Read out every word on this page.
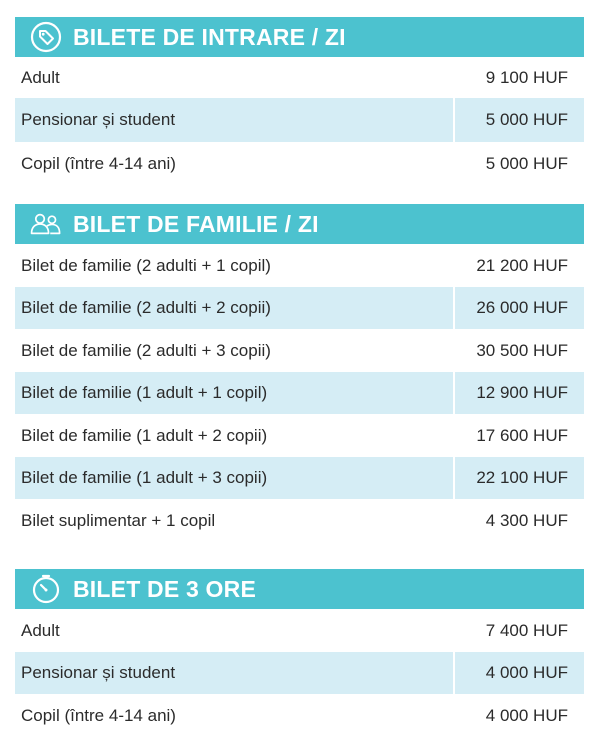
BILETE DE INTRARE / ZI
Adult	9 100 HUF
Pensionar și student	5 000 HUF
Copil (între 4-14 ani)	5 000 HUF
BILET DE FAMILIE / ZI
Bilet de familie (2 adulti + 1 copil)	21 200 HUF
Bilet de familie (2 adulti + 2 copii)	26 000 HUF
Bilet de familie (2 adulti + 3 copii)	30 500 HUF
Bilet de familie (1 adult + 1 copil)	12 900 HUF
Bilet de familie (1 adult + 2 copii)	17 600 HUF
Bilet de familie (1 adult + 3 copii)	22 100 HUF
Bilet suplimentar + 1 copil	4 300 HUF
BILET DE 3 ORE
Adult	7 400 HUF
Pensionar și student	4 000 HUF
Copil (între 4-14 ani)	4 000 HUF
